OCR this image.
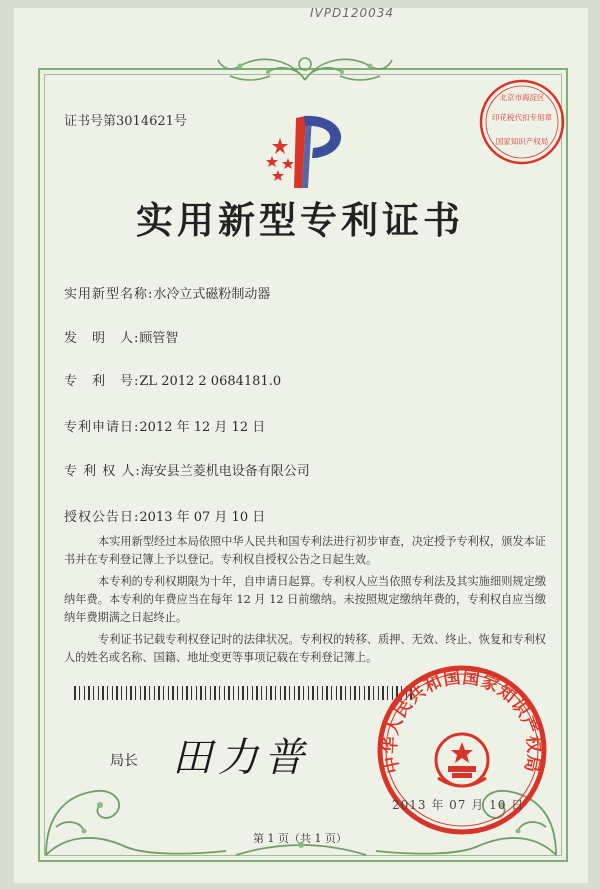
IVPD120034
证书号第3014621号
北京市海淀区
印花税代扣专用章
国家知识产权局
实用新型专利证书
实用新型名称:水冷立式磁粉制动器
发　明　人:顾管智
专　利　号:ZL 2012 2 0684181.0
专利申请日:2012 年 12 月 12 日
专 利 权 人:海安县兰菱机电设备有限公司
授权公告日:2013 年 07 月 10 日

本实用新型经过本局依照中华人民共和国专利法进行初步审查，决定授予专利权，颁发本证书并在专利登记簿上予以登记。专利权自授权公告之日起生效。

本专利的专利权期限为十年，自申请日起算。专利权人应当依照专利法及其实施细则规定缴纳年费。本专利的年费应当在每年 12 月 12 日前缴纳。未按照规定缴纳年费的，专利权自应当缴纳年费期满之日起终止。

专利证书记载专利权登记时的法律状况。专利权的转移、质押、无效、终止、恢复和专利权人的姓名或名称、国籍、地址变更等事项记载在专利登记簿上。

局长 田力普	中华人民共和国国家知识产权局
2013 年 07 月 10 日
第 1 页（共 1 页）
